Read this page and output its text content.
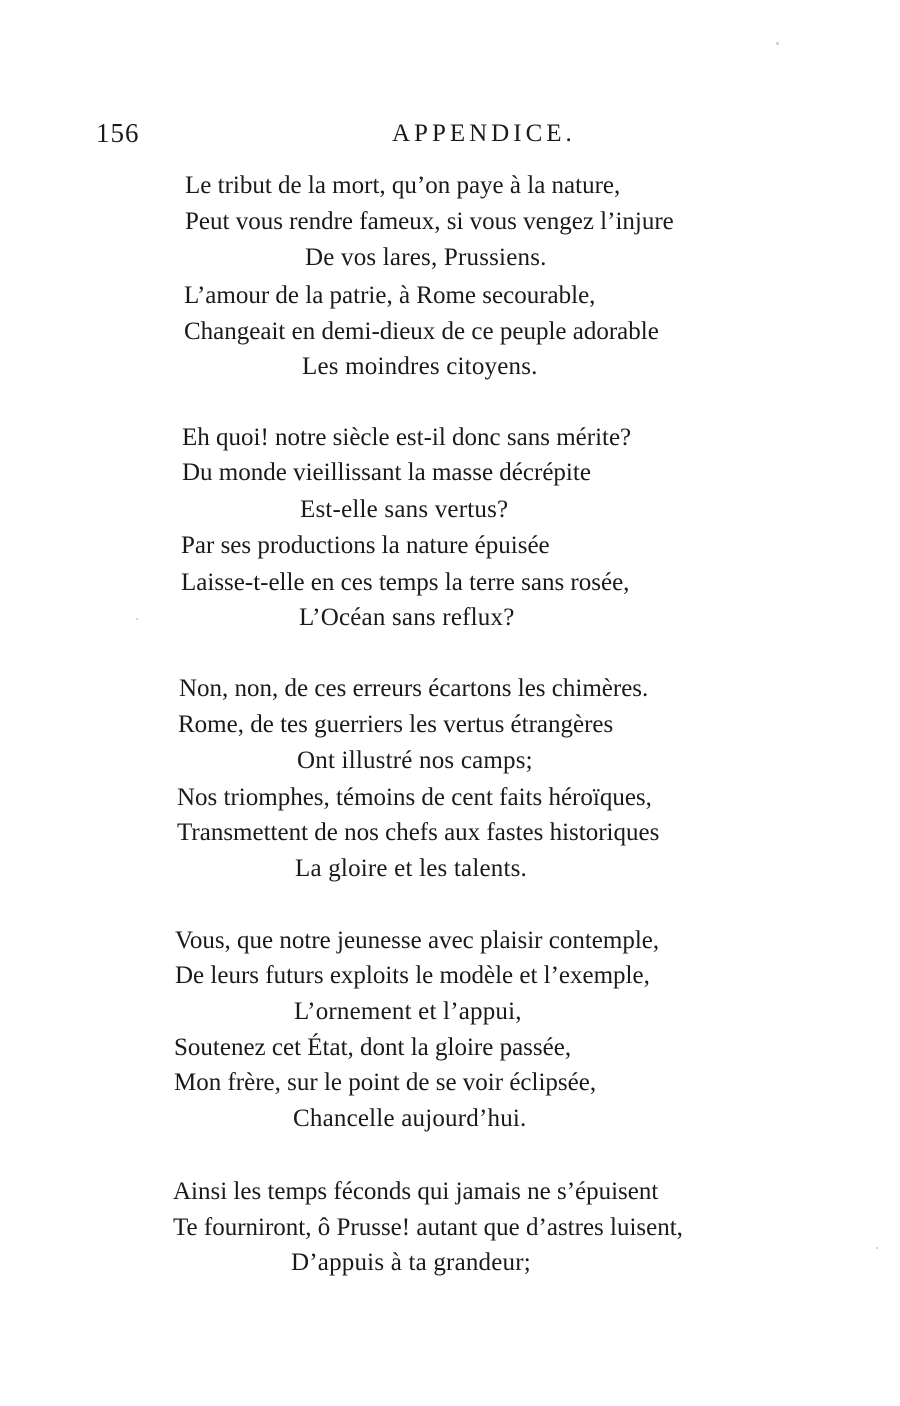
156	APPENDICE.
Le tribut de la mort, qu’on paye à la nature,
Peut vous rendre fameux, si vous vengez l’injure
De vos lares, Prussiens.
L’amour de la patrie, à Rome secourable,
Changeait en demi-dieux de ce peuple adorable
Les moindres citoyens.
Eh quoi! notre siècle est-il donc sans mérite?
Du monde vieillissant la masse décrépite
Est-elle sans vertus?
Par ses productions la nature épuisée
Laisse-t-elle en ces temps la terre sans rosée,
L’Océan sans reflux?
Non, non, de ces erreurs écartons les chimères.
Rome, de tes guerriers les vertus étrangères
Ont illustré nos camps;
Nos triomphes, témoins de cent faits héroïques,
Transmettent de nos chefs aux fastes historiques
La gloire et les talents.
Vous, que notre jeunesse avec plaisir contemple,
De leurs futurs exploits le modèle et l’exemple,
L’ornement et l’appui,
Soutenez cet État, dont la gloire passée,
Mon frère, sur le point de se voir éclipsée,
Chancelle aujourd’hui.
Ainsi les temps féconds qui jamais ne s’épuisent
Te fourniront, ô Prusse! autant que d’astres luisent,
D’appuis à ta grandeur;
